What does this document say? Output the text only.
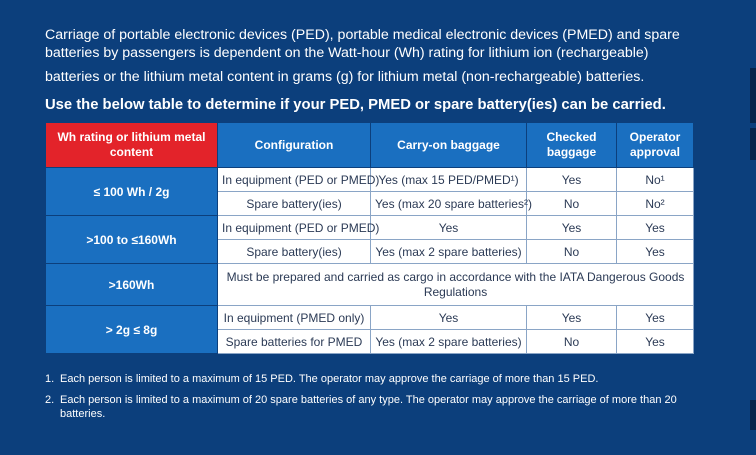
Carriage of portable electronic devices (PED), portable medical electronic devices (PMED) and spare batteries by passengers is dependent on the Watt-hour (Wh) rating for lithium ion (rechargeable)
batteries or the lithium metal content in grams (g) for lithium metal (non-rechargeable) batteries.

Use the below table to determine if your PED, PMED or spare battery(ies) can be carried.

Wh rating or lithium metal content	Configuration	Carry-on baggage	Checked baggage	Operator approval
≤ 100 Wh / 2g	In equipment (PED or PMED)	Yes (max 15 PED/PMED¹)	Yes	No¹
	Spare battery(ies)	Yes (max 20 spare batteries²)	No	No²
>100 to ≤160Wh	In equipment (PED or PMED)	Yes	Yes	Yes
	Spare battery(ies)	Yes (max 2 spare batteries)	No	Yes
>160Wh	Must be prepared and carried as cargo in accordance with the IATA Dangerous Goods Regulations			
> 2g ≤ 8g	In equipment (PMED only)	Yes	Yes	Yes
	Spare batteries for PMED	Yes (max 2 spare batteries)	No	Yes
1. Each person is limited to a maximum of 15 PED. The operator may approve the carriage of more than 15 PED.
2. Each person is limited to a maximum of 20 spare batteries of any type. The operator may approve the carriage of more than 20 batteries.
